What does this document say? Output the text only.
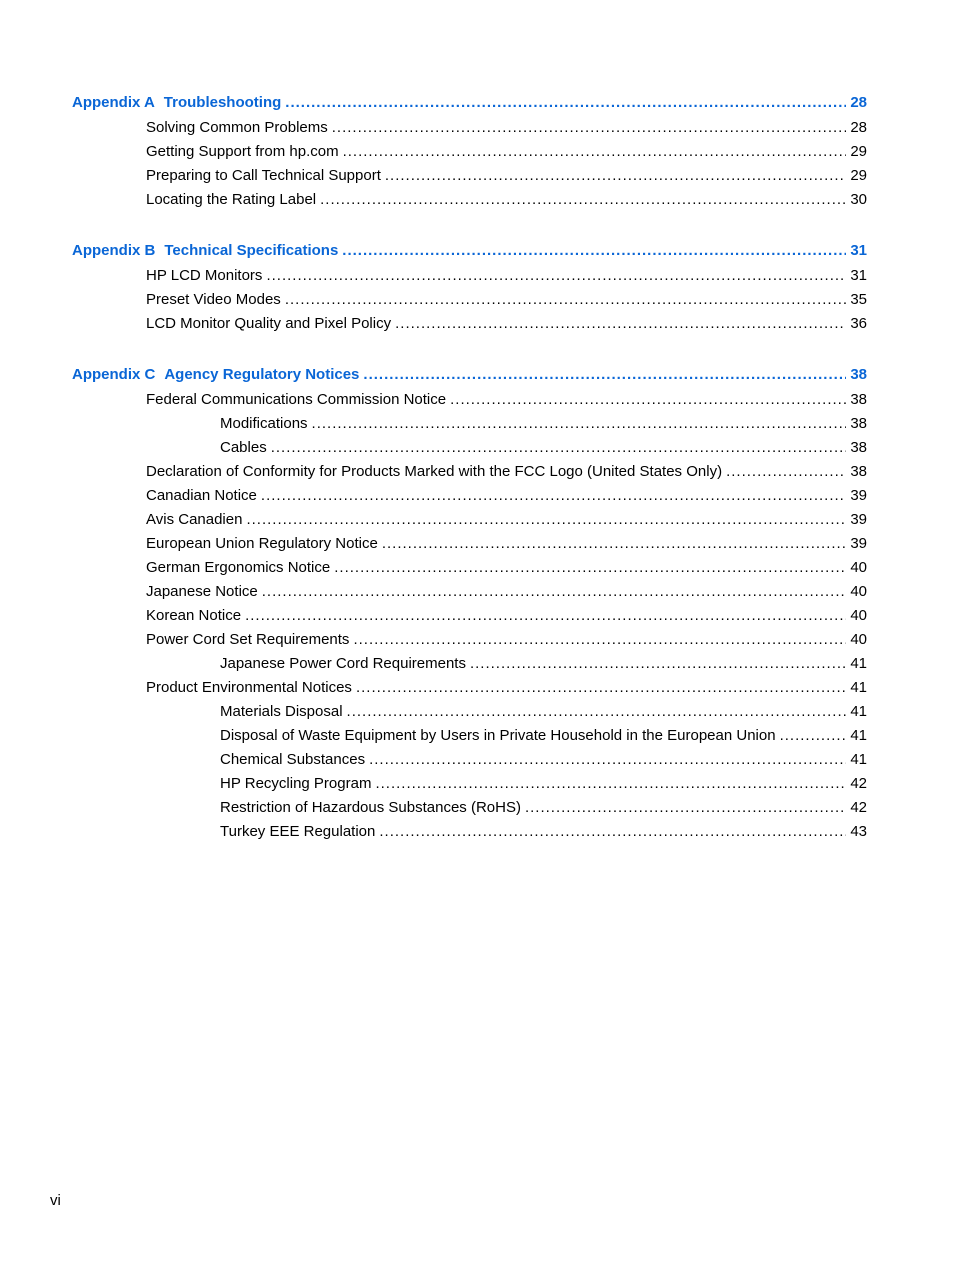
Appendix A Troubleshooting .....	28
Solving Common Problems .....	28
Getting Support from hp.com .....	29
Preparing to Call Technical Support .....	29
Locating the Rating Label .....	30
Appendix B Technical Specifications .....	31
HP LCD Monitors .....	31
Preset Video Modes .....	35
LCD Monitor Quality and Pixel Policy .....	36
Appendix C Agency Regulatory Notices .....	38
Federal Communications Commission Notice .....	38
Modifications .....	38
Cables .....	38
Declaration of Conformity for Products Marked with the FCC Logo (United States Only) .....	38
Canadian Notice .....	39
Avis Canadien .....	39
European Union Regulatory Notice .....	39
German Ergonomics Notice .....	40
Japanese Notice .....	40
Korean Notice .....	40
Power Cord Set Requirements .....	40
Japanese Power Cord Requirements .....	41
Product Environmental Notices .....	41
Materials Disposal .....	41
Disposal of Waste Equipment by Users in Private Household in the European Union .....	41
Chemical Substances .....	41
HP Recycling Program .....	42
Restriction of Hazardous Substances (RoHS) .....	42
Turkey EEE Regulation .....	43
vi
